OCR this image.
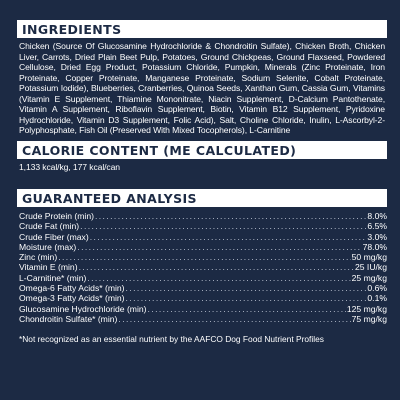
INGREDIENTS
Chicken (Source Of Glucosamine Hydrochloride & Chondroitin Sulfate), Chicken Broth, Chicken Liver, Carrots, Dried Plain Beet Pulp, Potatoes, Ground Chickpeas, Ground Flaxseed, Powdered Cellulose, Dried Egg Product, Potassium Chloride, Pumpkin, Minerals (Zinc Proteinate, Iron Proteinate, Copper Proteinate, Manganese Proteinate, Sodium Selenite, Cobalt Proteinate, Potassium Iodide), Blueberries, Cranberries, Quinoa Seeds, Xanthan Gum, Cassia Gum, Vitamins (Vitamin E Supplement, Thiamine Mononitrate, Niacin Supplement, D-Calcium Pantothenate, Vitamin A Supplement, Riboflavin Supplement, Biotin, Vitamin B12 Supplement, Pyridoxine Hydrochloride, Vitamin D3 Supplement, Folic Acid), Salt, Choline Chloride, Inulin, L-Ascorbyl-2-Polyphosphate, Fish Oil (Preserved With Mixed Tocopherols), L-Carnitine
CALORIE CONTENT (ME CALCULATED)
1,133 kcal/kg, 177 kcal/can
GUARANTEED ANALYSIS
Crude Protein (min) .....	8.0%
Crude Fat (min) .....	6.5%
Crude Fiber (max) .....	3.0%
Moisture (max) .....	78.0%
Zinc (min) .....	50 mg/kg
Vitamin E (min) .....	25 IU/kg
L-Carnitine* (min) .....	25 mg/kg
Omega-6 Fatty Acids* (min) .....	0.6%
Omega-3 Fatty Acids* (min) .....	0.1%
Glucosamine Hydrochloride (min) .....	125 mg/kg
Chondroitin Sulfate* (min) .....	75 mg/kg
*Not recognized as an essential nutrient by the AAFCO Dog Food Nutrient Profiles
